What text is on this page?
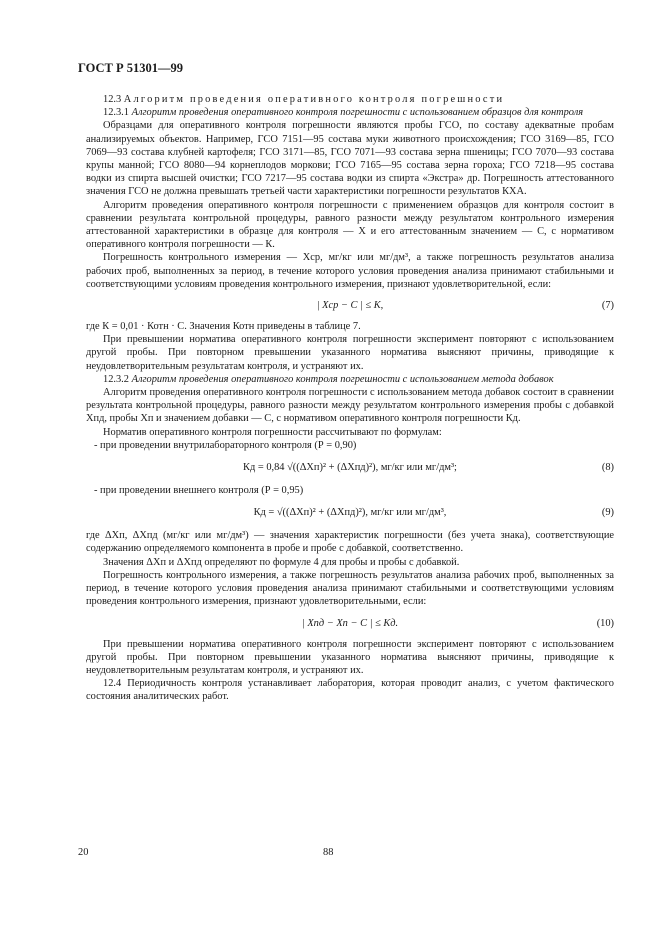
ГОСТ Р 51301—99

12.3 Алгоритм проведения оперативного контроля погрешности

12.3.1 Алгоритм проведения оперативного контроля погрешности с использованием образцов для контроля

Образцами для оперативного контроля погрешности являются пробы ГСО, по составу адекватные пробам анализируемых объектов. Например, ГСО 7151—95 состава муки животного происхождения; ГСО 3169—85, ГСО 7069—93 состава клубней картофеля; ГСО 3171—85, ГСО 7071—93 состава зерна пшеницы; ГСО 7070—93 состава крупы манной; ГСО 8080—94 корнеплодов моркови; ГСО 7165—95 состава зерна гороха; ГСО 7218—95 состава водки из спирта высшей очистки; ГСО 7217—95 состава водки из спирта «Экстра» др. Погрешность аттестованного значения ГСО не должна превышать третьей части характеристики погрешности результатов КХА.

Алгоритм проведения оперативного контроля погрешности с применением образцов для контроля состоит в сравнении результата контрольной процедуры, равного разности между результатом контрольного измерения аттестованной характеристики в образце для контроля — X и его аттестованным значением — С, с нормативом оперативного контроля погрешности — К.

Погрешность контрольного измерения — Xср, мг/кг или мг/дм³, а также погрешность результатов анализа рабочих проб, выполненных за период, в течение которого условия проведения анализа принимают стабильными и соответствующими условиям проведения контрольного измерения, признают удовлетворительной, если:

| Xср − С | ≤ К,	(7)

где К = 0,01 · Котн · С. Значения Котн приведены в таблице 7.

При превышении норматива оперативного контроля погрешности эксперимент повторяют с использованием другой пробы. При повторном превышении указанного норматива выясняют причины, приводящие к неудовлетворительным результатам контроля, и устраняют их.

12.3.2 Алгоритм проведения оперативного контроля погрешности с использованием метода добавок

Алгоритм проведения оперативного контроля погрешности с использованием метода добавок состоит в сравнении результата контрольной процедуры, равного разности между результатом контрольного измерения пробы с добавкой Xпд, пробы Xп и значением добавки — С, с нормативом оперативного контроля погрешности Кд.

Норматив оперативного контроля погрешности рассчитывают по формулам:

- при проведении внутрилабораторного контроля (Р = 0,90)

Кд = 0,84 √((ΔXп)² + (ΔXпд)²), мг/кг или мг/дм³;	(8)

- при проведении внешнего контроля (Р = 0,95)

Кд = √((ΔXп)² + (ΔXпд)²), мг/кг или мг/дм³,	(9)

где ΔXп, ΔXпд (мг/кг или мг/дм³) — значения характеристик погрешности (без учета знака), соответствующие содержанию определяемого компонента в пробе и пробе с добавкой, соответственно.

Значения ΔXп и ΔXпд определяют по формуле 4 для пробы и пробы с добавкой.

Погрешность контрольного измерения, а также погрешность результатов анализа рабочих проб, выполненных за период, в течение которого условия проведения анализа принимают стабильными и соответствующими условиям проведения контрольного измерения, признают удовлетворительными, если:

| Xпд − Xп − С | ≤ Кд.	(10)

При превышении норматива оперативного контроля погрешности эксперимент повторяют с использованием другой пробы. При повторном превышении указанного норматива выясняют причины, приводящие к неудовлетворительным результатам контроля, и устраняют их.

12.4 Периодичность контроля устанавливает лаборатория, которая проводит анализ, с учетом фактического состояния аналитических работ.

20	88
